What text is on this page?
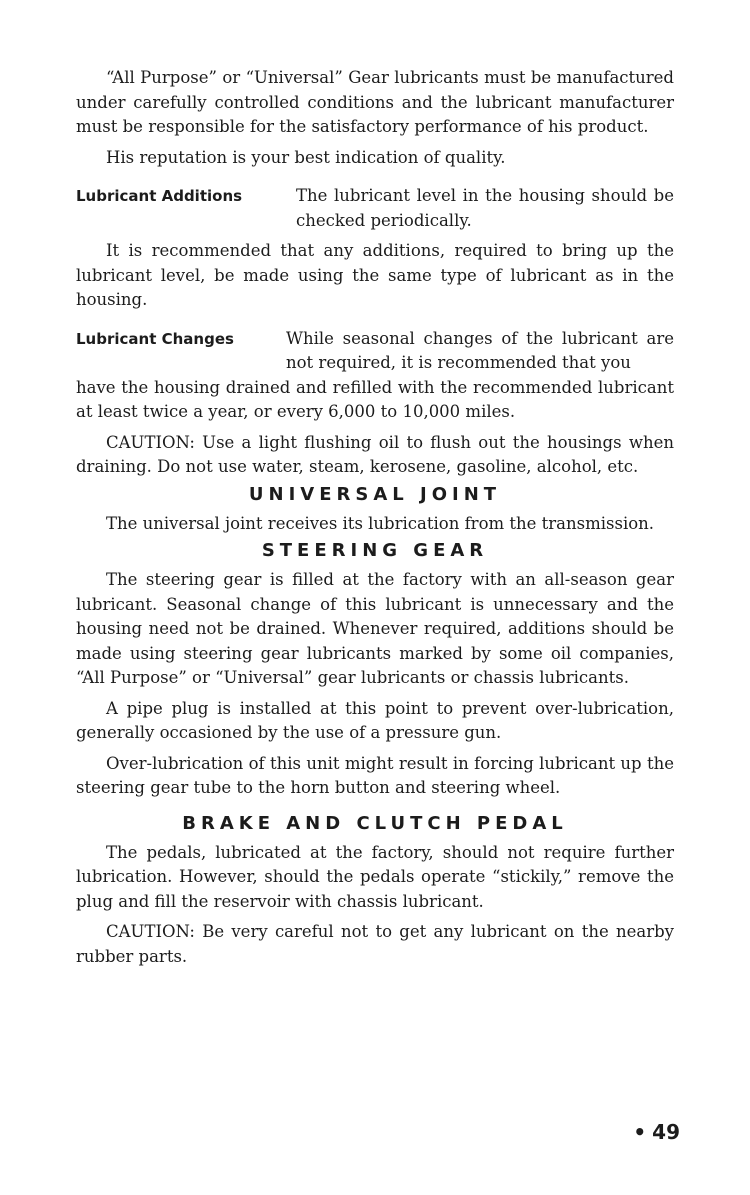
“All Purpose” or “Universal” Gear lubricants must be manufactured under carefully controlled conditions and the lubricant manufacturer must be responsible for the satisfactory performance of his product.

His reputation is your best indication of quality.

Lubricant Additions	The lubricant level in the housing should be checked periodically.

It is recommended that any additions, required to bring up the lubricant level, be made using the same type of lubricant as in the housing.

Lubricant Changes	While seasonal changes of the lubricant are not required, it is recommended that you

have the housing drained and refilled with the recommended lubricant at least twice a year, or every 6,000 to 10,000 miles.

CAUTION: Use a light flushing oil to flush out the housings when draining. Do not use water, steam, kerosene, gasoline, alcohol, etc.

UNIVERSAL JOINT

The universal joint receives its lubrication from the transmission.

STEERING GEAR

The steering gear is filled at the factory with an all-season gear lubricant. Seasonal change of this lubricant is unnecessary and the housing need not be drained. Whenever required, additions should be made using steering gear lubricants marked by some oil companies, “All Purpose” or “Universal” gear lubricants or chassis lubricants.

A pipe plug is installed at this point to prevent over-lubrication, generally occasioned by the use of a pressure gun.

Over-lubrication of this unit might result in forcing lubricant up the steering gear tube to the horn button and steering wheel.

BRAKE AND CLUTCH PEDAL

The pedals, lubricated at the factory, should not require further lubrication. However, should the pedals operate “stickily,” remove the plug and fill the reservoir with chassis lubricant.

CAUTION: Be very careful not to get any lubricant on the nearby rubber parts.

• 49
